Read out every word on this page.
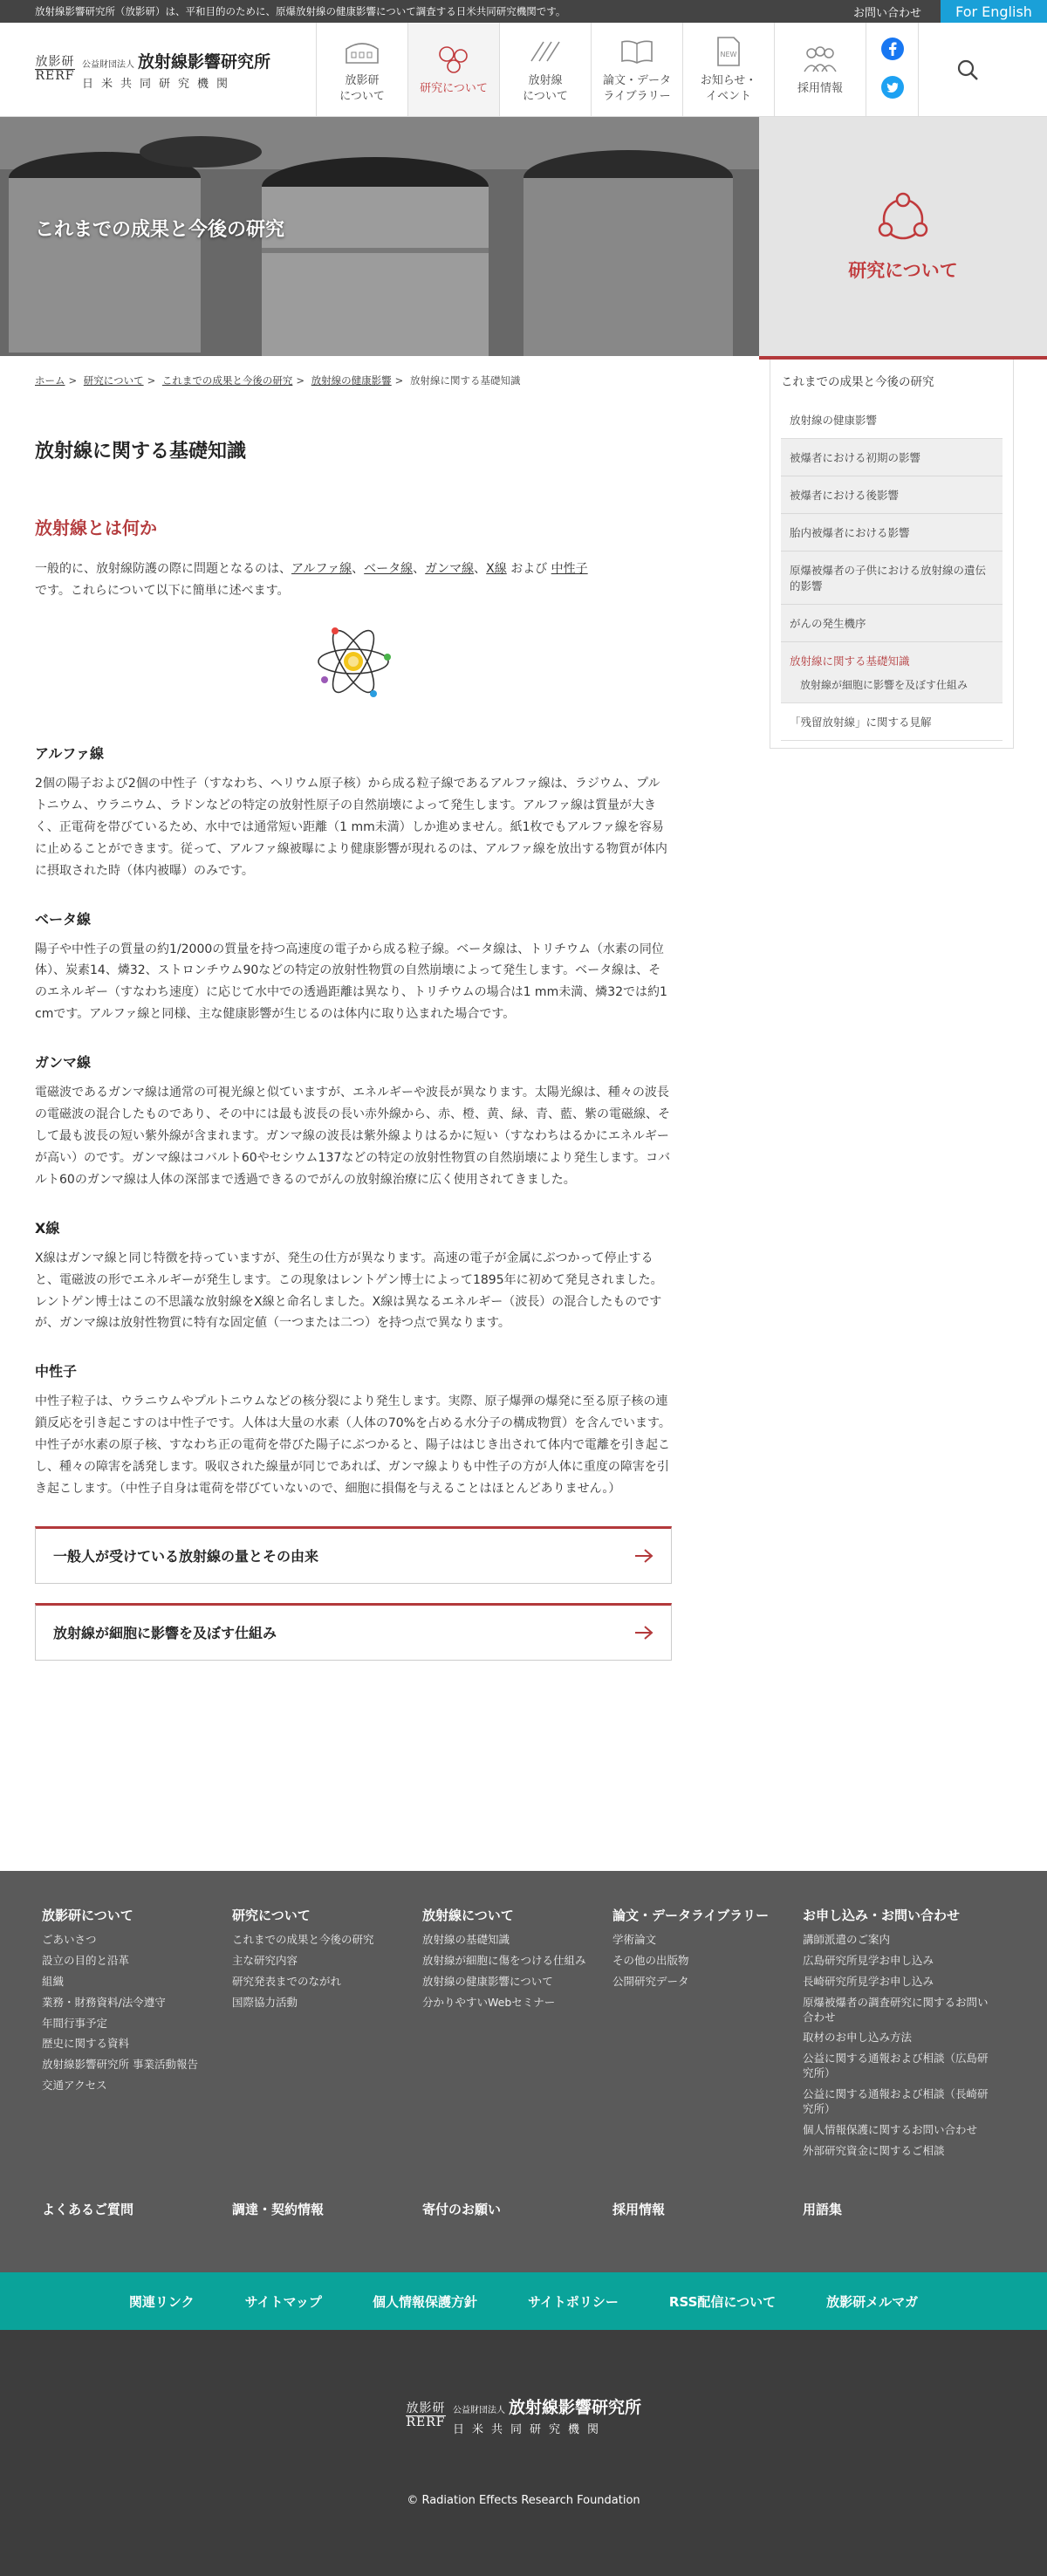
放射線影響研究所（放影研）は、平和目的のために、原爆放射線の健康影響について調査する日米共同研究機関です。	お問い合わせ	For English
放影研
RERF
公益財団法人 放射線影響研究所
日米共同研究機関	放影研
について
研究について
放射線
について
論文・データ
ライブラリー
NEW
お知らせ・
イベント
採用情報
これまでの成果と今後の研究
研究について
ホーム > 研究について > これまでの成果と今後の研究 > 放射線の健康影響 > 放射線に関する基礎知識
放射線に関する基礎知識
放射線とは何か

一般的に、放射線防護の際に問題となるのは、アルファ線、ベータ線、ガンマ線、X線 および 中性子
です。これらについて以下に簡単に述べます。

アルファ線

2個の陽子および2個の中性子（すなわち、ヘリウム原子核）から成る粒子線であるアルファ線は、ラジウム、プルトニウム、ウラニウム、ラドンなどの特定の放射性原子の自然崩壊によって発生します。アルファ線は質量が大きく、正電荷を帯びているため、水中では通常短い距離（1 mm未満）しか進めません。紙1枚でもアルファ線を容易に止めることができます。従って、アルファ線被曝により健康影響が現れるのは、アルファ線を放出する物質が体内に摂取された時（体内被曝）のみです。

ベータ線

陽子や中性子の質量の約1/2000の質量を持つ高速度の電子から成る粒子線。ベータ線は、トリチウム（水素の同位体）、炭素14、燐32、ストロンチウム90などの特定の放射性物質の自然崩壊によって発生します。ベータ線は、そのエネルギー（すなわち速度）に応じて水中での透過距離は異なり、トリチウムの場合は1 mm未満、燐32では約1 cmです。アルファ線と同様、主な健康影響が生じるのは体内に取り込まれた場合です。

ガンマ線

電磁波であるガンマ線は通常の可視光線と似ていますが、エネルギーや波長が異なります。太陽光線は、種々の波長の電磁波の混合したものであり、その中には最も波長の長い赤外線から、赤、橙、黄、緑、青、藍、紫の電磁線、そして最も波長の短い紫外線が含まれます。ガンマ線の波長は紫外線よりはるかに短い（すなわちはるかにエネルギーが高い）のです。ガンマ線はコバルト60やセシウム137などの特定の放射性物質の自然崩壊により発生します。コバルト60のガンマ線は人体の深部まで透過できるのでがんの放射線治療に広く使用されてきました。

X線

X線はガンマ線と同じ特徴を持っていますが、発生の仕方が異なります。高速の電子が金属にぶつかって停止すると、電磁波の形でエネルギーが発生します。この現象はレントゲン博士によって1895年に初めて発見されました。レントゲン博士はこの不思議な放射線をX線と命名しました。X線は異なるエネルギー（波長）の混合したものですが、ガンマ線は放射性物質に特有な固定値（一つまたは二つ）を持つ点で異なります。

中性子

中性子粒子は、ウラニウムやプルトニウムなどの核分裂により発生します。実際、原子爆弾の爆発に至る原子核の連鎖反応を引き起こすのは中性子です。人体は大量の水素（人体の70%を占める水分子の構成物質）を含んでいます。中性子が水素の原子核、すなわち正の電荷を帯びた陽子にぶつかると、陽子ははじき出されて体内で電離を引き起こし、種々の障害を誘発します。吸収された線量が同じであれば、ガンマ線よりも中性子の方が人体に重度の障害を引き起こします。（中性子自身は電荷を帯びていないので、細胞に損傷を与えることはほとんどありません。）

一般人が受けている放射線の量とその由来
放射線が細胞に影響を及ぼす仕組み
これまでの成果と今後の研究
放射線の健康影響
被爆者における初期の影響
被爆者における後影響
胎内被爆者における影響
原爆被爆者の子供における放射線の遺伝的影響
がんの発生機序
放射線に関する基礎知識
放射線が細胞に影響を及ぼす仕組み
「残留放射線」に関する見解
放影研について
ごあいさつ
設立の目的と沿革
組織
業務・財務資料/法令遵守
年間行事予定
歴史に関する資料
放射線影響研究所 事業活動報告
交通アクセス
研究について
これまでの成果と今後の研究
主な研究内容
研究発表までのながれ
国際協力活動
放射線について
放射線の基礎知識
放射線が細胞に傷をつける仕組み
放射線の健康影響について
分かりやすいWebセミナー
論文・データライブラリー
学術論文
その他の出版物
公開研究データ
お申し込み・お問い合わせ
講師派遣のご案内
広島研究所見学お申し込み
長崎研究所見学お申し込み
原爆被爆者の調査研究に関するお問い合わせ
取材のお申し込み方法
公益に関する通報および相談（広島研究所）
公益に関する通報および相談（長崎研究所）
個人情報保護に関するお問い合わせ
外部研究資金に関するご相談
よくあるご質問	調達・契約情報	寄付のお願い	採用情報	用語集
関連リンク	サイトマップ	個人情報保護方針	サイトポリシー	RSS配信について	放影研メルマガ
放影研
RERF
公益財団法人 放射線影響研究所
日米共同研究機関
© Radiation Effects Research Foundation
